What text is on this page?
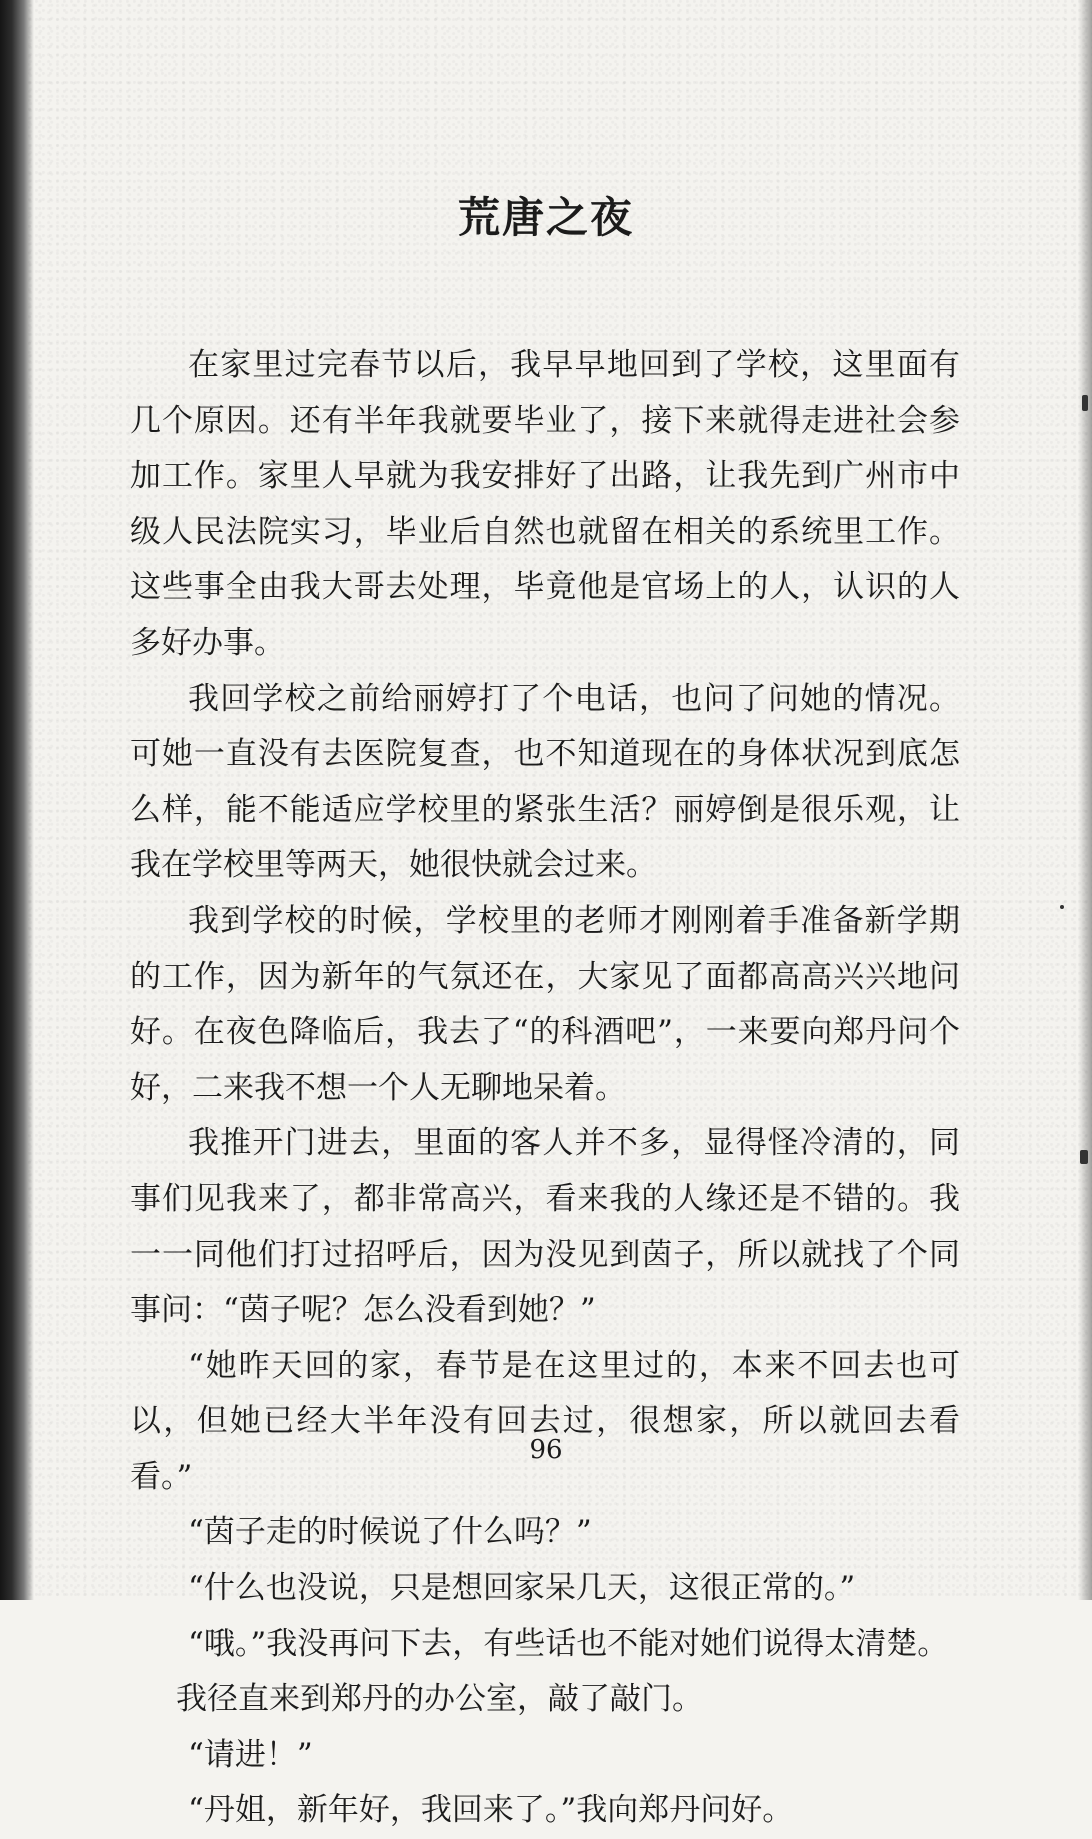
荒唐之夜

在家里过完春节以后，我早早地回到了学校，这里面有几个原因。还有半年我就要毕业了，接下来就得走进社会参加工作。家里人早就为我安排好了出路，让我先到广州市中级人民法院实习，毕业后自然也就留在相关的系统里工作。这些事全由我大哥去处理，毕竟他是官场上的人，认识的人多好办事。

我回学校之前给丽婷打了个电话，也问了问她的情况。可她一直没有去医院复查，也不知道现在的身体状况到底怎么样，能不能适应学校里的紧张生活？丽婷倒是很乐观，让我在学校里等两天，她很快就会过来。

我到学校的时候，学校里的老师才刚刚着手准备新学期的工作，因为新年的气氛还在，大家见了面都高高兴兴地问好。在夜色降临后，我去了“的科酒吧”，一来要向郑丹问个好，二来我不想一个人无聊地呆着。

我推开门进去，里面的客人并不多，显得怪冷清的，同事们见我来了，都非常高兴，看来我的人缘还是不错的。我一一同他们打过招呼后，因为没见到茵子，所以就找了个同事问：“茵子呢？怎么没看到她？”

“她昨天回的家，春节是在这里过的，本来不回去也可以，但她已经大半年没有回去过，很想家，所以就回去看看。”

“茵子走的时候说了什么吗？”

“什么也没说，只是想回家呆几天，这很正常的。”

“哦。”我没再问下去，有些话也不能对她们说得太清楚。

我径直来到郑丹的办公室，敲了敲门。

“请进！”

“丹姐，新年好，我回来了。”我向郑丹问好。

96
